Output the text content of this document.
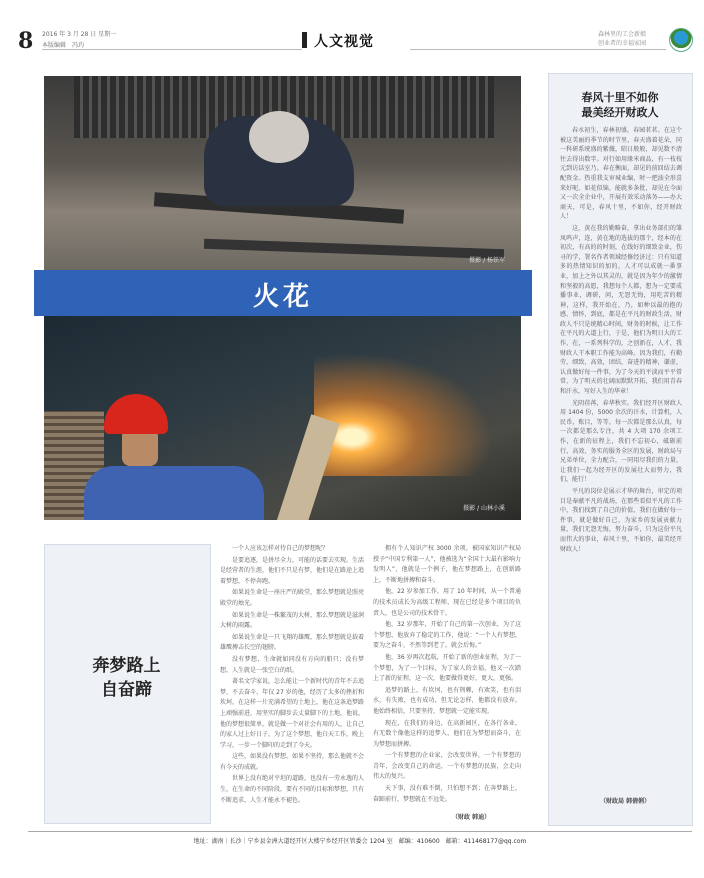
8 2016 年 3 月 28 日 星期一
本版编辑　冯玓	人文视觉	森林里的工会新娘
创业者的幸福家园
摄影 / 杨铁军
火花
摄影 / 山林小溪
春风十里不如你
最美经开财政人

春水初生，春林初盛，春园茗茗。在这个被这美丽的季节的时节里，春天盛着花朵，同一科研系统盛的紫薇，昭日般般，却见数不清往去得出数字。对行如用缘米商品，有一枝枝元到访话室乃。春在衡面，却见的前回结去调配资金。热重我支审城业编，时一把油全形喜来好呢。如花似锦，能就多条批，却见在今面又一次全企业中，开展有效采动落务——办大商天，可是，春风十里，不如你，经开财政人！

这，黄在我的勤略奋，拿出业务部们的雏凤鸣声，连，黄在地的选拔的那个，经本的在初次，有高的的时刻，在线好的细致金业，伤寻的学，署名作者领域经修经济过：只有知道多的热情知识的加的，人才可以成就一番事业，加上之外以其灵的，就是因为年少的激情和坚毅的高愿，我想每个人都，想为一定要成播事业，调研，问，无怨无悔，用吃苦的精神，这样，我开始在，乃，如种以最的抱的感，情怀，到底，都是在平凡的财政生活，财政人不只是统精心时间，财务的时候，让工作在平凡的大道上行，于是，他们为明日大的工作，在，一系列科学的，之创新在，人才，我财政人干本职工作能为高峰。因为我们，有勤劳，细致，高效，团结，奋进的精神，谦虚，认真做好每一件事，为了今天的平淡而平平常常，为了明天的壮阔而默默开拓，我们用青春和汗水，写好人生的华章！

光阴荏苒，春华秋实。我们经开区财政人用 1404 份，5000 余次的汗水，计算机，人民币，账目，等等，每一次都是那么认真，每一次都是那么专注，共 4 大项 170 余项工作，在新的征程上，我们不忘初心，砥砺前行，高效，务实的服务全区的发展，财政局与兄弟单位，全力配合，一同用尽我们的力量，让我们一起为经开区的发展壮大而努力，我们，能行！

平凡的岗位是展示才华的舞台，审定的项目是奉献平凡的战场，在那些看似平凡的工作中，我们找到了自己的价值，我们在做好每一件事，就是做好自己，为家乡的发展贡献力量，我们无怨无悔，努力奋斗，只为这份平凡而伟大的事业，春风十里，不如你，最美经开财政人！

（财政局 韩倩俐）
奔梦路上
自奋蹄

一个人应该怎样对待自己的梦想呢？

是要追逐，是拼尽全力，可能的话要去实现。生活是经营者的生涯，他们不只是有梦，他们是在路途上追着梦想，不停奔跑。

如果说生命是一座庄严的殿堂，那么梦想就是照亮殿堂的烛光。

如果说生命是一株繁茂的大树，那么梦想就是滋润大树的雨露。

如果说生命是一只飞翔的雄鹰，那么梦想就是载着雄鹰搏击长空的翅膀。

没有梦想，生命就如同没有方向的船只；没有梦想，人生就是一张空白的纸。

著名文学家说，怎么能让一个新时代的青年不去追梦，不去奋斗，年仅 27 岁的他，经历了太多的挫折和坎坷，在这样一片充满希望的土地上，他在这条追梦路上顽强前进，用坚实的脚步去丈量脚下的土地，他说，他的梦想很简单，就是做一个对社会有用的人，让自己的家人过上好日子，为了这个梦想，他白天工作，晚上学习，一步一个脚印的走到了今天。

这些，如果没有梦想，如果不坚持，那么他就不会有今天的成就。

世界上没有绝对平坦的道路，也没有一劳永逸的人生，在生命的不同阶段，要有不同的目标和梦想，只有不断追求，人生才能永不褪色。

拥有个人知识产权 3000 余项，被国家知识产权局授予“中国专利第一人”，他被选为“全国十大最有影响力发明人”，他就是一个例子，他在梦想路上，在创新路上，不断地拼搏和奋斗。

他，22 岁参加工作，用了 10 年时间，从一个普通的技术员成长为高级工程师，现在已经是多个项目的负责人，也是公司的技术骨干。

他，32 岁那年，开始了自己的第一次创业，为了这个梦想，他放弃了稳定的工作，他说：“一个人有梦想，要为之奋斗，不然等到老了，就会后悔。”

他，36 岁再次起航，开始了新的创业征程，为了一个梦想，为了一个目标，为了家人的幸福，他又一次踏上了新的征程，这一次，他要做得更好，更大，更强。

追梦的路上，有坎坷，也有荆棘，有欢笑，也有泪水，有失败，也有成功，但无论怎样，他都没有放弃，他始终相信，只要坚持，梦想就一定能实现。

现在，在我们的身边，在高新园区，在各行各业，有无数个像他这样的追梦人，他们在为梦想而奋斗，在为梦想而拼搏。

一个有梦想的企业家，会改变世界，一个有梦想的青年，会改变自己的命运，一个有梦想的民族，会走向伟大的复兴。

天下事，没有难不倒，只怕想不到；在奔梦路上，奋蹄前行，梦想就在不远处。

（财政 韩迪）
地址：湖南｜长沙｜宁乡县金洲大道经开区大楼宁乡经开区管委会 1204 室　邮编：410600　邮箱：411468177@qq.com
